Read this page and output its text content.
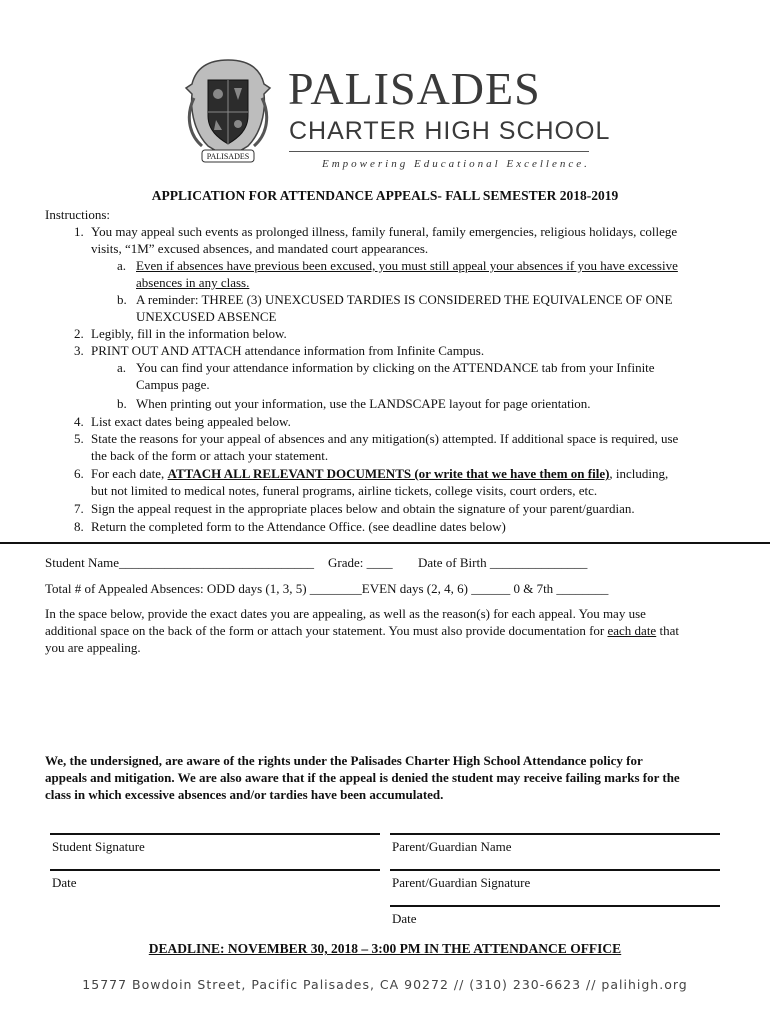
PALISADES
PALISADES
CHARTER HIGH SCHOOL
Empowering Educational Excellence.
APPLICATION FOR ATTENDANCE APPEALS- FALL SEMESTER 2018-2019
Instructions:
1. You may appeal such events as prolonged illness, family funeral, family emergencies, religious holidays, college
visits, “1M” excused absences, and mandated court appearances.
a. Even if absences have previous been excused, you must still appeal your absences if you have excessive
absences in any class.
b. A reminder: THREE (3) UNEXCUSED TARDIES IS CONSIDERED THE EQUIVALENCE OF ONE
UNEXCUSED ABSENCE
2. Legibly, fill in the information below.
3. PRINT OUT AND ATTACH attendance information from Infinite Campus.
a. You can find your attendance information by clicking on the ATTENDANCE tab from your Infinite
Campus page.
b. When printing out your information, use the LANDSCAPE layout for page orientation.
4. List exact dates being appealed below.
5. State the reasons for your appeal of absences and any mitigation(s) attempted. If additional space is required, use
the back of the form or attach your statement.
6. For each date, ATTACH ALL RELEVANT DOCUMENTS (or write that we have them on file), including,
but not limited to medical notes, funeral programs, airline tickets, college visits, court orders, etc.
7. Sign the appeal request in the appropriate places below and obtain the signature of your parent/guardian.
8. Return the completed form to the Attendance Office. (see deadline dates below)
Student Name______________________________ Grade: ____ Date of Birth _______________
Total # of Appealed Absences: ODD days (1, 3, 5) ________EVEN days (2, 4, 6) ______ 0 & 7th ________
In the space below, provide the exact dates you are appealing, as well as the reason(s) for each appeal. You may use
additional space on the back of the form or attach your statement. You must also provide documentation for each date that
you are appealing.
We, the undersigned, are aware of the rights under the Palisades Charter High School Attendance policy for
appeals and mitigation. We are also aware that if the appeal is denied the student may receive failing marks for the
class in which excessive absences and/or tardies have been accumulated.
Student Signature	Parent/Guardian Name
Date	Parent/Guardian Signature
Date
DEADLINE: NOVEMBER 30, 2018 – 3:00 PM IN THE ATTENDANCE OFFICE
15777 Bowdoin Street, Pacific Palisades, CA 90272 // (310) 230-6623 // palihigh.org
